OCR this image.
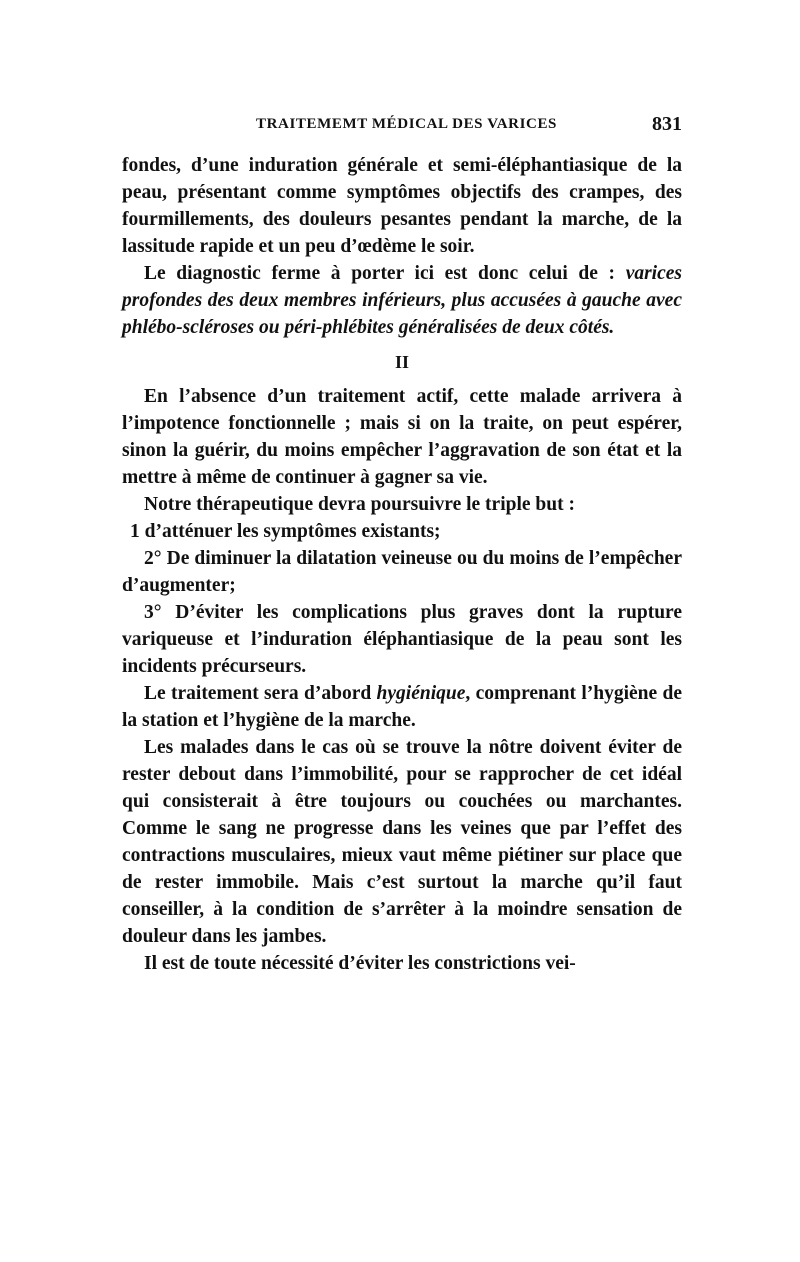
TRAITEMEMT MÉDICAL DES VARICES	831

fondes, d’une induration générale et semi-éléphantiasique de la peau, présentant comme symptômes objectifs des crampes, des fourmillements, des douleurs pesantes pendant la marche, de la lassitude rapide et un peu d’œdème le soir.

Le diagnostic ferme à porter ici est donc celui de : varices profondes des deux membres inférieurs, plus accusées à gauche avec phlébo-scléroses ou péri-phlébites généralisées de deux côtés.

II

En l’absence d’un traitement actif, cette malade arrivera à l’impotence fonctionnelle ; mais si on la traite, on peut espérer, sinon la guérir, du moins empêcher l’aggravation de son état et la mettre à même de continuer à gagner sa vie.

Notre thérapeutique devra poursuivre le triple but :

1 d’atténuer les symptômes existants;

2° De diminuer la dilatation veineuse ou du moins de l’empêcher d’augmenter;

3° D’éviter les complications plus graves dont la rupture variqueuse et l’induration éléphantiasique de la peau sont les incidents précurseurs.

Le traitement sera d’abord hygiénique, comprenant l’hygiène de la station et l’hygiène de la marche.

Les malades dans le cas où se trouve la nôtre doivent éviter de rester debout dans l’immobilité, pour se rapprocher de cet idéal qui consisterait à être toujours ou couchées ou marchantes. Comme le sang ne progresse dans les veines que par l’effet des contractions musculaires, mieux vaut même piétiner sur place que de rester immobile. Mais c’est surtout la marche qu’il faut conseiller, à la condition de s’arrêter à la moindre sensation de douleur dans les jambes.

Il est de toute nécessité d’éviter les constrictions vei-
